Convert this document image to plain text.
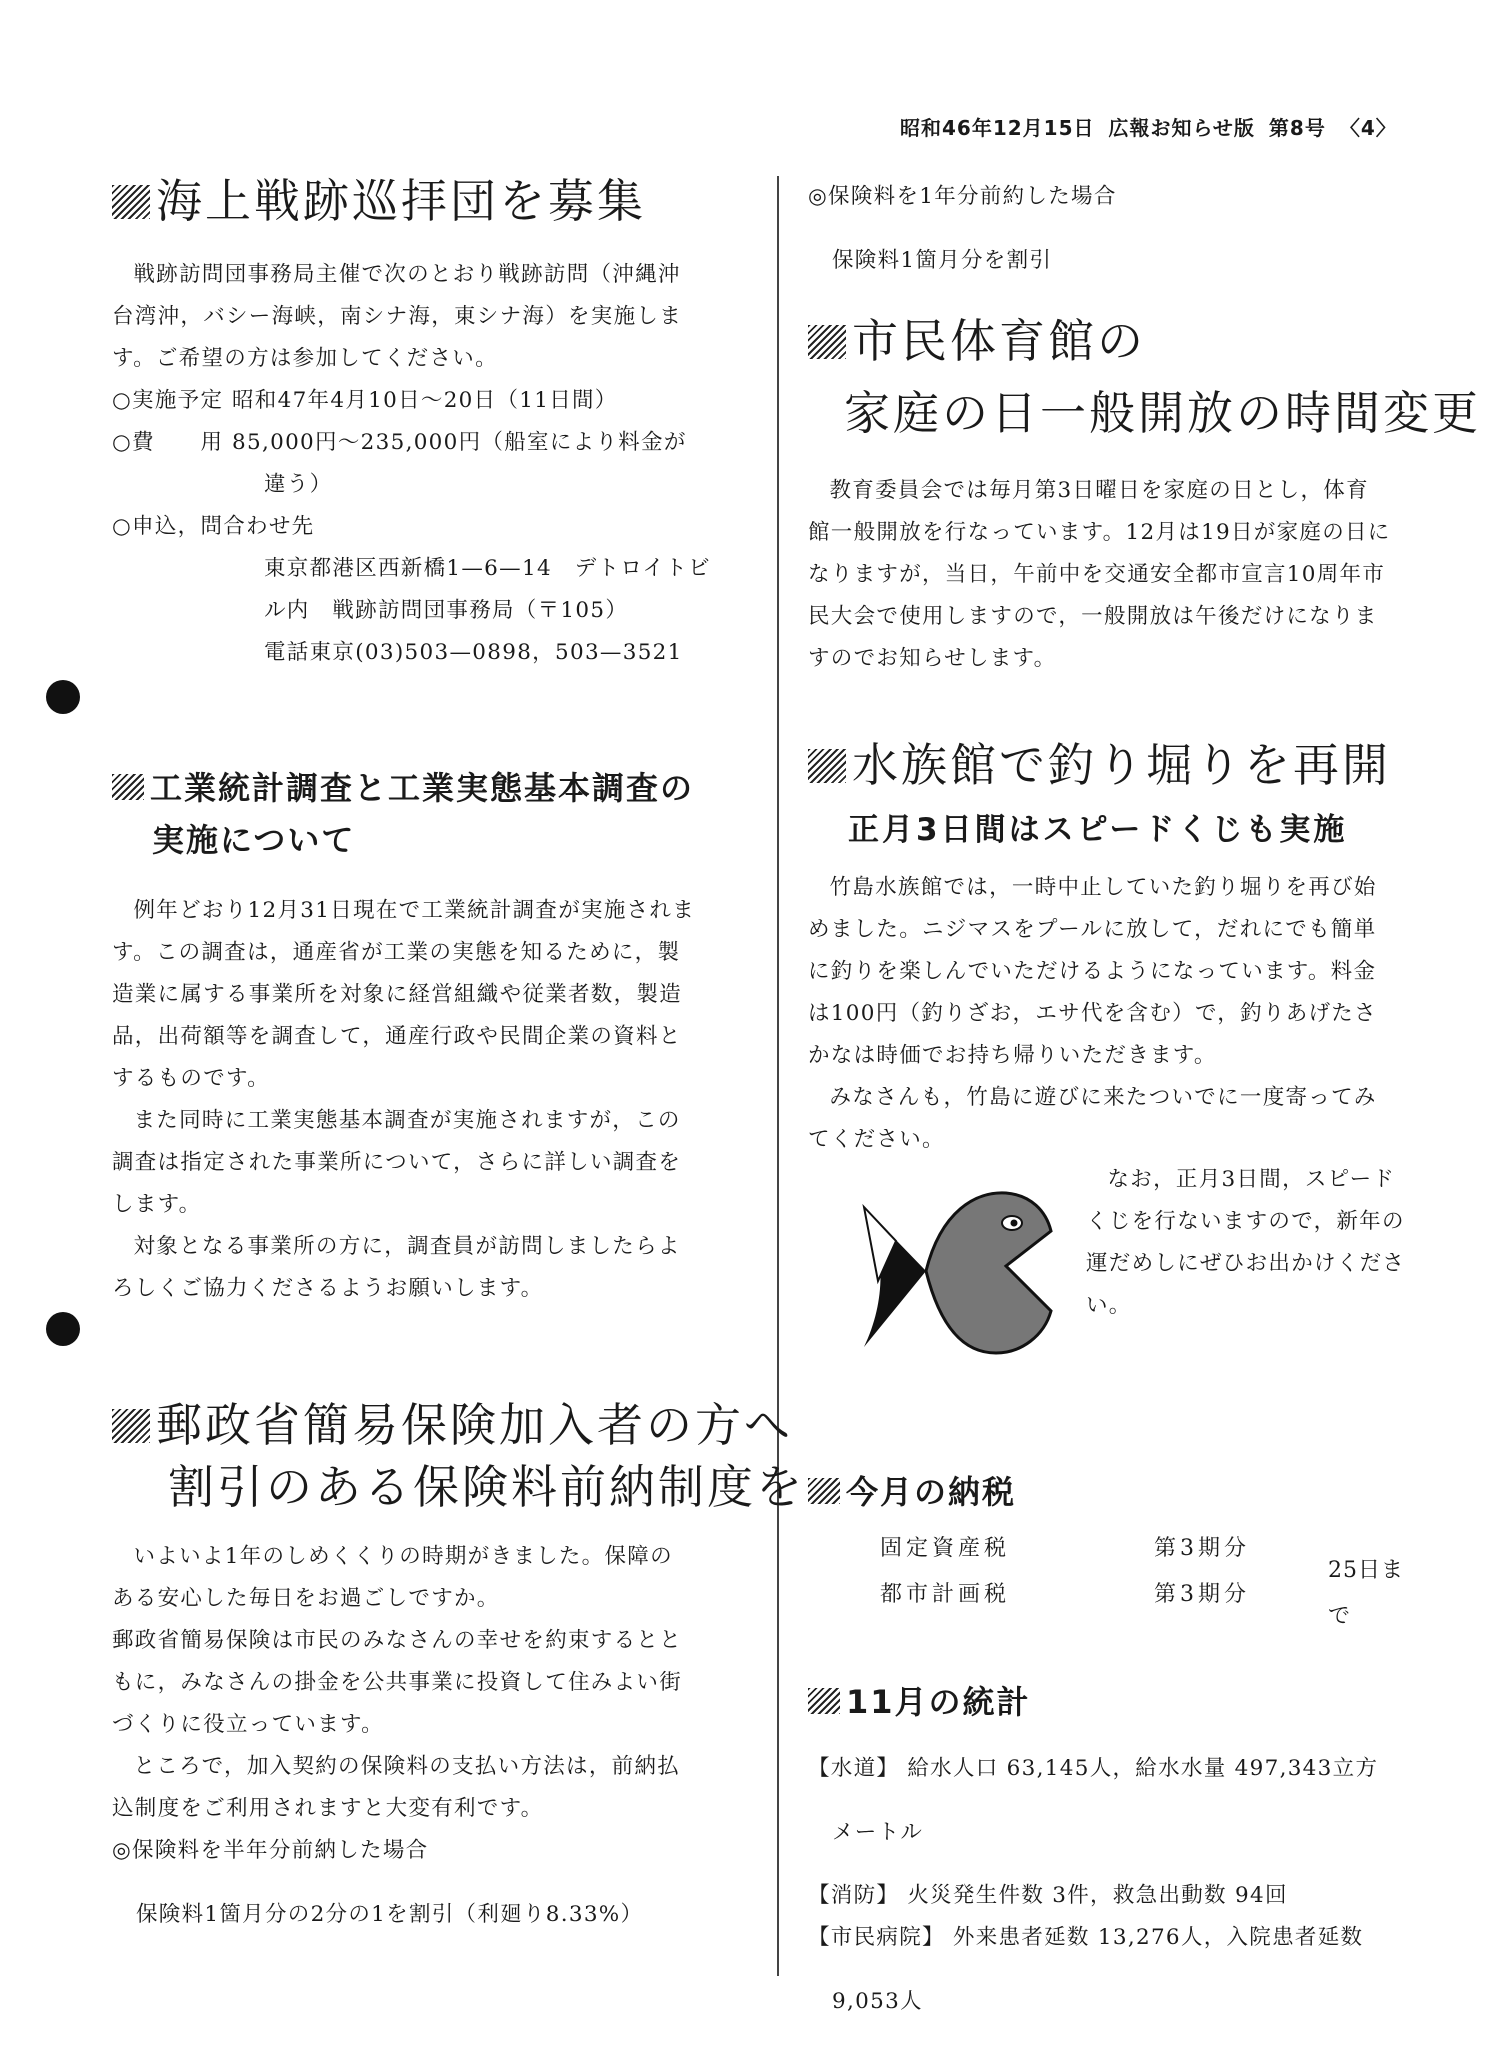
昭和46年12月15日 広報お知らせ版 第8号 〈4〉
海上戦跡巡拝団を募集

戦跡訪問団事務局主催で次のとおり戦跡訪問（沖縄沖

台湾沖，バシー海峡，南シナ海，東シナ海）を実施しま

す。ご希望の方は参加してください。

○実施予定 昭和47年4月10日〜20日（11日間）
○費　　用 85,000円〜235,000円（船室により料金が
違う）
○申込，問合わせ先
東京都港区西新橋1—6—14　デトロイトビ
ル内　戦跡訪問団事務局（〒105）
電話東京(03)503—0898，503—3521
工業統計調査と工業実態基本調査の
実施について

例年どおり12月31日現在で工業統計調査が実施されま

す。この調査は，通産省が工業の実態を知るために，製

造業に属する事業所を対象に経営組織や従業者数，製造

品，出荷額等を調査して，通産行政や民間企業の資料と

するものです。

また同時に工業実態基本調査が実施されますが，この

調査は指定された事業所について，さらに詳しい調査を

します。

対象となる事業所の方に，調査員が訪問しましたらよ

ろしくご協力くださるようお願いします。

郵政省簡易保険加入者の方へ
割引のある保険料前納制度を

いよいよ1年のしめくくりの時期がきました。保障の

ある安心した毎日をお過ごしですか。

郵政省簡易保険は市民のみなさんの幸せを約束するとと

もに，みなさんの掛金を公共事業に投資して住みよい街

づくりに役立っています。

ところで，加入契約の保険料の支払い方法は，前納払

込制度をご利用されますと大変有利です。

◎保険料を半年分前納した場合

保険料1箇月分の2分の1を割引（利廻り8.33%）

◎保険料を1年分前約した場合

保険料1箇月分を割引

市民体育館の
家庭の日一般開放の時間変更

教育委員会では毎月第3日曜日を家庭の日とし，体育

館一般開放を行なっています。12月は19日が家庭の日に

なりますが，当日，午前中を交通安全都市宣言10周年市

民大会で使用しますので，一般開放は午後だけになりま

すのでお知らせします。

水族館で釣り堀りを再開
正月3日間はスピードくじも実施

竹島水族館では，一時中止していた釣り堀りを再び始

めました。ニジマスをプールに放して，だれにでも簡単

に釣りを楽しんでいただけるようになっています。料金

は100円（釣りざお，エサ代を含む）で，釣りあげたさ

かなは時価でお持ち帰りいただきます。

みなさんも，竹島に遊びに来たついでに一度寄ってみ

てください。

なお，正月3日間，スピード

くじを行ないますので，新年の

運だめしにぜひお出かけくださ

い。

今月の納税
固定資産税	第3期分
都市計画税	第3期分
25日まで
11月の統計

【水道】 給水人口 63,145人，給水水量 497,343立方

メートル

【消防】 火災発生件数 3件，救急出動数 94回

【市民病院】 外来患者延数 13,276人，入院患者延数

9,053人
